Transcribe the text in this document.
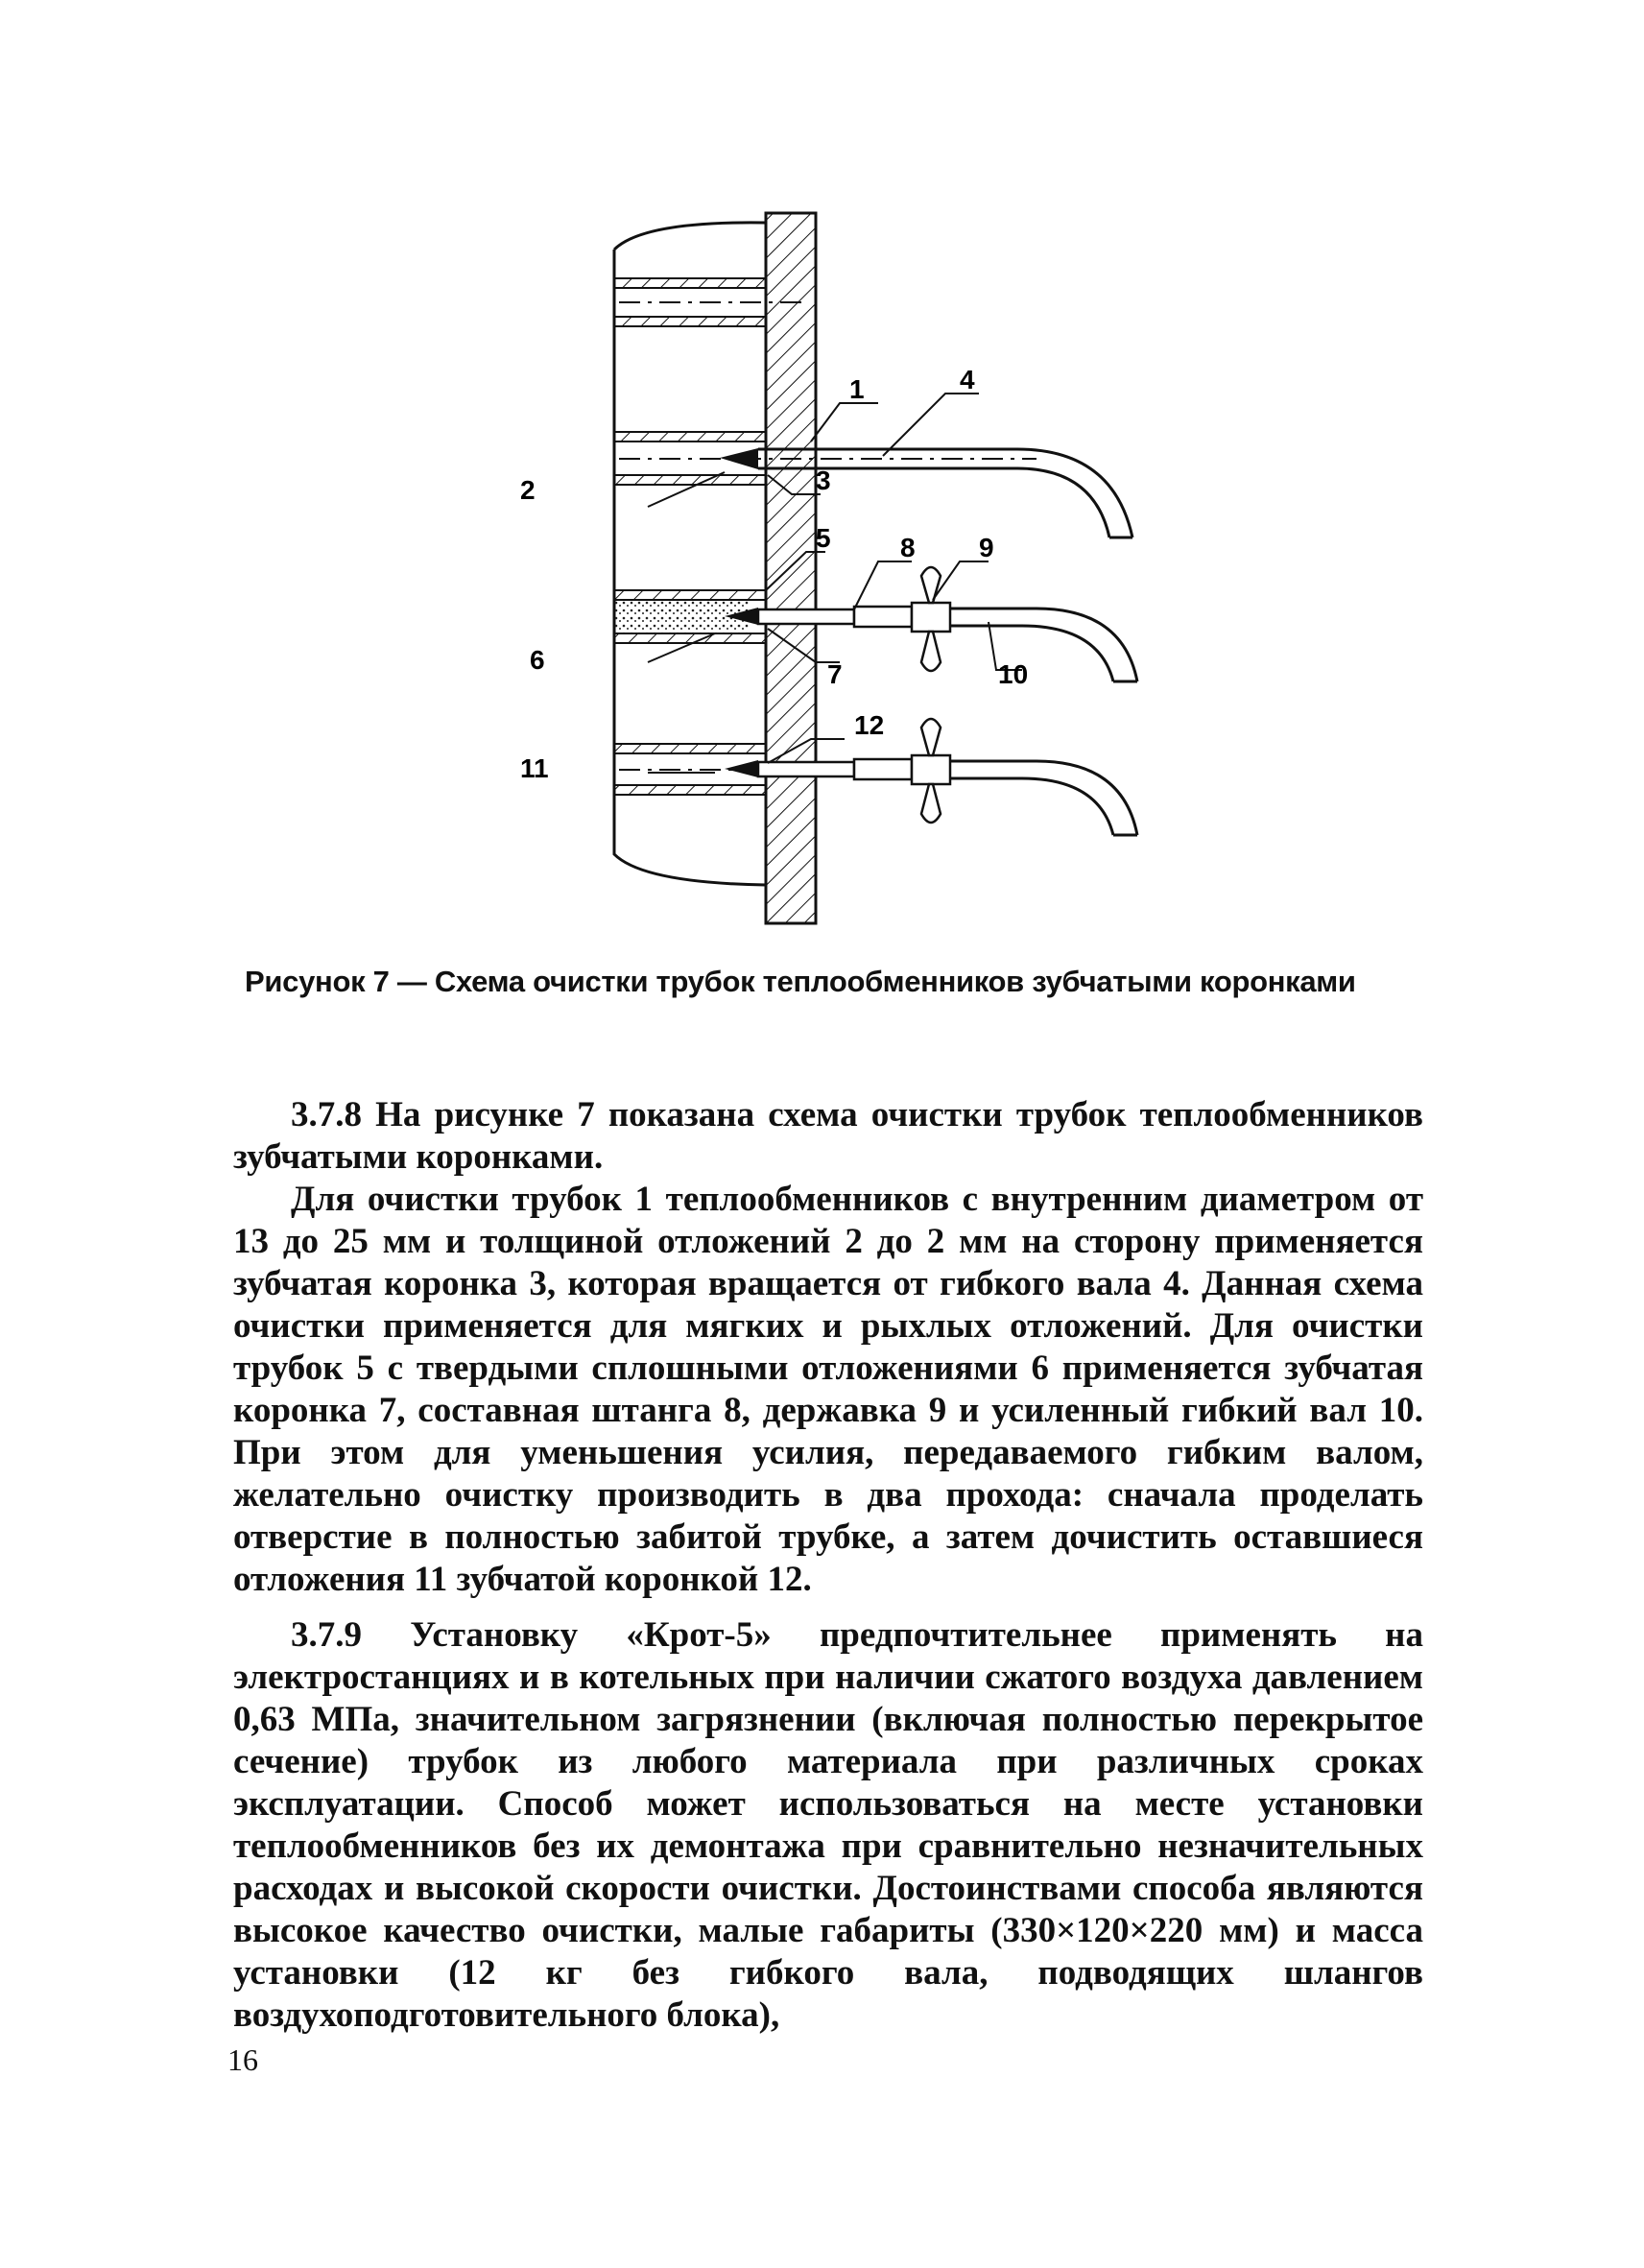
1	4
2	3
5	8 9
6	7	10
11
12
Рисунок 7 — Схема очистки трубок теплообменников зубчатыми коронками

3.7.8 На рисунке 7 показана схема очистки трубок теплообменников зубчатыми коронками.

Для очистки трубок 1 теплообменников с внутренним диаметром от 13 до 25 мм и толщиной отложений 2 до 2 мм на сторону применяется зубчатая коронка 3, которая вращается от гибкого вала 4. Данная схема очистки применяется для мягких и рыхлых отложений. Для очистки трубок 5 с твердыми сплошными отложениями 6 применяется зубчатая коронка 7, составная штанга 8, державка 9 и усиленный гибкий вал 10. При этом для уменьшения усилия, передаваемого гибким валом, желательно очистку производить в два прохода: сначала проделать отверстие в полностью забитой трубке, а затем дочистить оставшиеся отложения 11 зубчатой коронкой 12.

3.7.9 Установку «Крот-5» предпочтительнее применять на электростанциях и в котельных при наличии сжатого воздуха давлением 0,63 МПа, значительном загрязнении (включая полностью перекрытое сечение) трубок из любого материала при различных сроках эксплуатации. Способ может использоваться на месте установки теплообменников без их демонтажа при сравнительно незначительных расходах и высокой скорости очистки. Достоинствами способа являются высокое качество очистки, малые габариты (330×120×220 мм) и масса установки (12 кг без гибкого вала, подводящих шлангов воздухоподготовительного блока),

16
